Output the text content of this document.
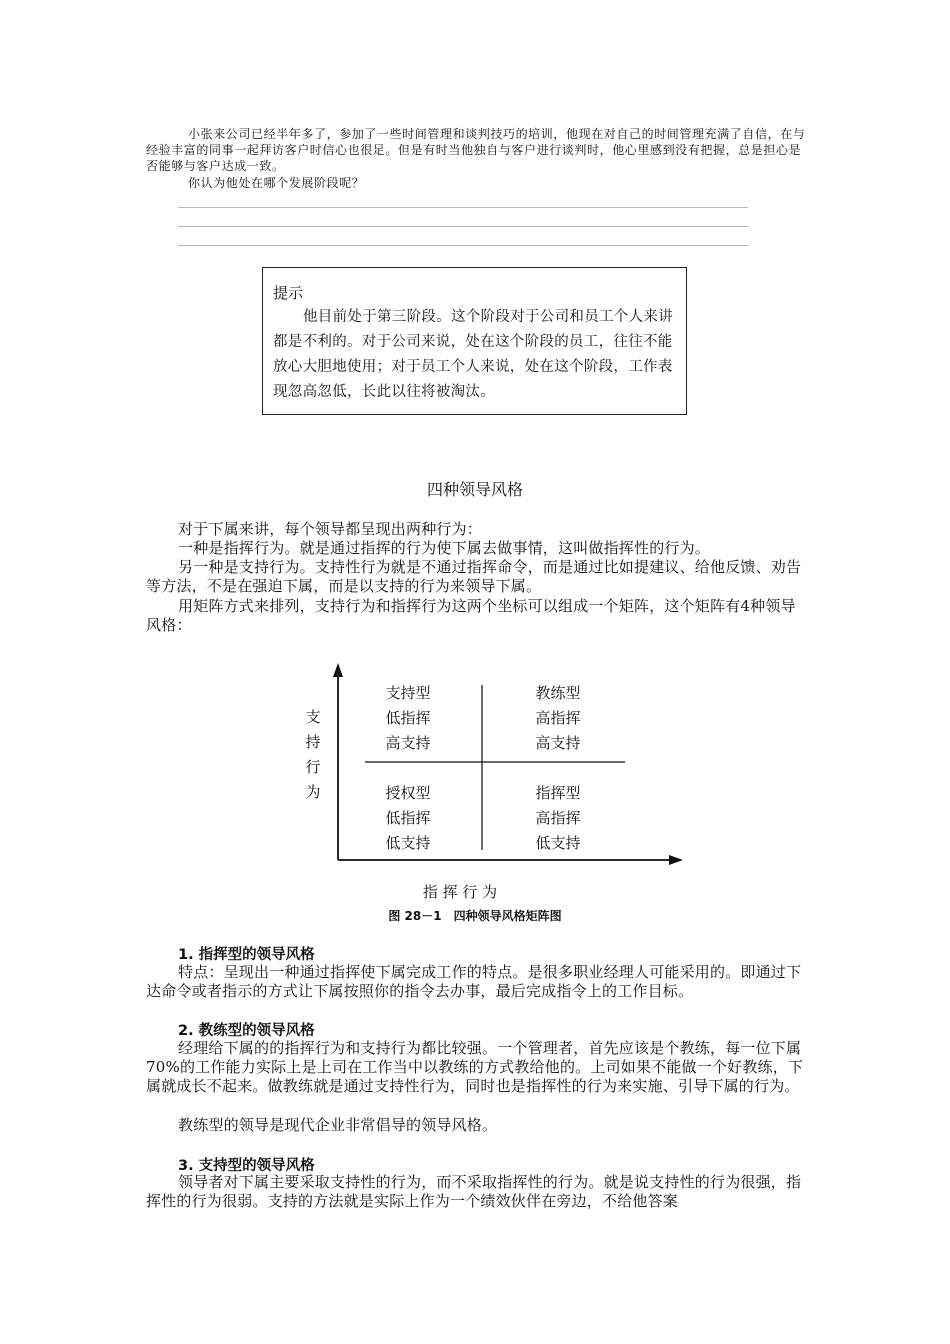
小张来公司已经半年多了，参加了一些时间管理和谈判技巧的培训，他现在对自己的时间管理充满了自信，在与经验丰富的同事一起拜访客户时信心也很足。但是有时当他独自与客户进行谈判时，他心里感到没有把握，总是担心是否能够与客户达成一致。
你认为他处在哪个发展阶段呢？
提示
他目前处于第三阶段。这个阶段对于公司和员工个人来讲都是不利的。对于公司来说，处在这个阶段的员工，往往不能放心大胆地使用；对于员工个人来说，处在这个阶段，工作表现忽高忽低，长此以往将被淘汰。
四种领导风格
对于下属来讲，每个领导都呈现出两种行为：
一种是指挥行为。就是通过指挥的行为使下属去做事情，这叫做指挥性的行为。
另一种是支持行为。支持性行为就是不通过指挥命令，而是通过比如提建议、给他反馈、劝告等方法，不是在强迫下属，而是以支持的行为来领导下属。
用矩阵方式来排列，支持行为和指挥行为这两个坐标可以组成一个矩阵，这个矩阵有4种领导风格：
支
持
行
为
支持型
低指挥
高支持
教练型
高指挥
高支持
授权型
低指挥
低支持
指挥型
高指挥
低支持
指 挥 行 为
图 28－1　四种领导风格矩阵图
1. 指挥型的领导风格
特点：呈现出一种通过指挥使下属完成工作的特点。是很多职业经理人可能采用的。即通过下达命令或者指示的方式让下属按照你的指令去办事，最后完成指令上的工作目标。
2. 教练型的领导风格
经理给下属的的指挥行为和支持行为都比较强。一个管理者，首先应该是个教练，每一位下属 70%的工作能力实际上是上司在工作当中以教练的方式教给他的。上司如果不能做一个好教练，下属就成长不起来。做教练就是通过支持性行为，同时也是指挥性的行为来实施、引导下属的行为。
教练型的领导是现代企业非常倡导的领导风格。
3. 支持型的领导风格
领导者对下属主要采取支持性的行为，而不采取指挥性的行为。就是说支持性的行为很强，指挥性的行为很弱。支持的方法就是实际上作为一个绩效伙伴在旁边，不给他答案
